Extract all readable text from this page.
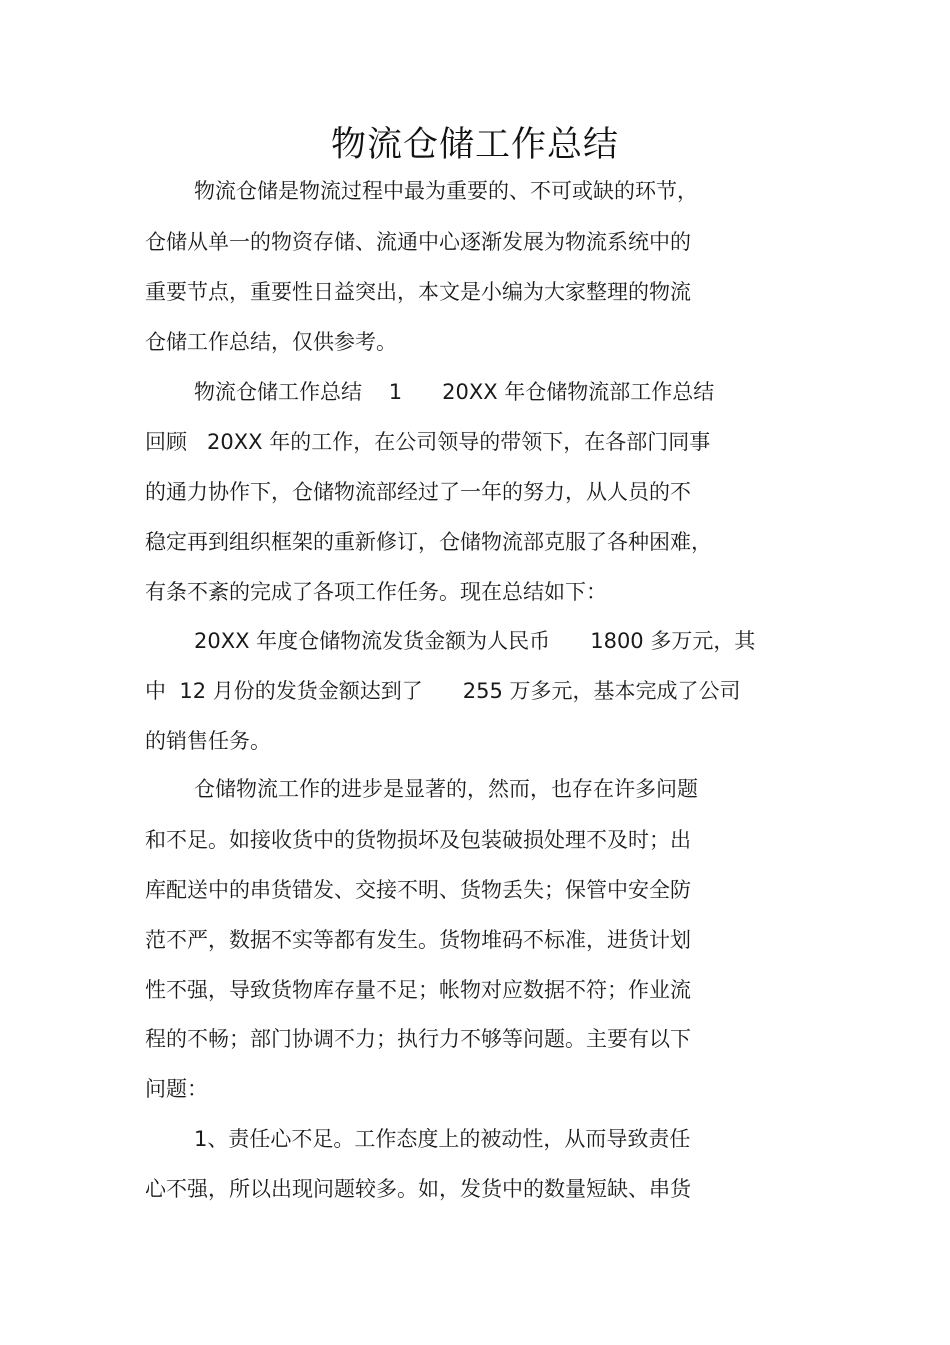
物流仓储工作总结
物流仓储是物流过程中最为重要的、不可或缺的环节，
仓储从单一的物资存储、流通中心逐渐发展为物流系统中的
重要节点，重要性日益突出，本文是小编为大家整理的物流
仓储工作总结，仅供参考。
物流仓储工作总结    1      20XX 年仓储物流部工作总结
回顾   20XX 年的工作，在公司领导的带领下，在各部门同事
的通力协作下，仓储物流部经过了一年的努力，从人员的不
稳定再到组织框架的重新修订，仓储物流部克服了各种困难，
有条不紊的完成了各项工作任务。现在总结如下：
20XX 年度仓储物流发货金额为人民币      1800 多万元，其
中  12 月份的发货金额达到了      255 万多元，基本完成了公司
的销售任务。
仓储物流工作的进步是显著的，然而，也存在许多问题
和不足。如接收货中的货物损坏及包装破损处理不及时；出
库配送中的串货错发、交接不明、货物丢失；保管中安全防
范不严，数据不实等都有发生。货物堆码不标准，进货计划
性不强，导致货物库存量不足；帐物对应数据不符；作业流
程的不畅；部门协调不力；执行力不够等问题。主要有以下
问题：
1、责任心不足。工作态度上的被动性，从而导致责任
心不强，所以出现问题较多。如，发货中的数量短缺、串货
